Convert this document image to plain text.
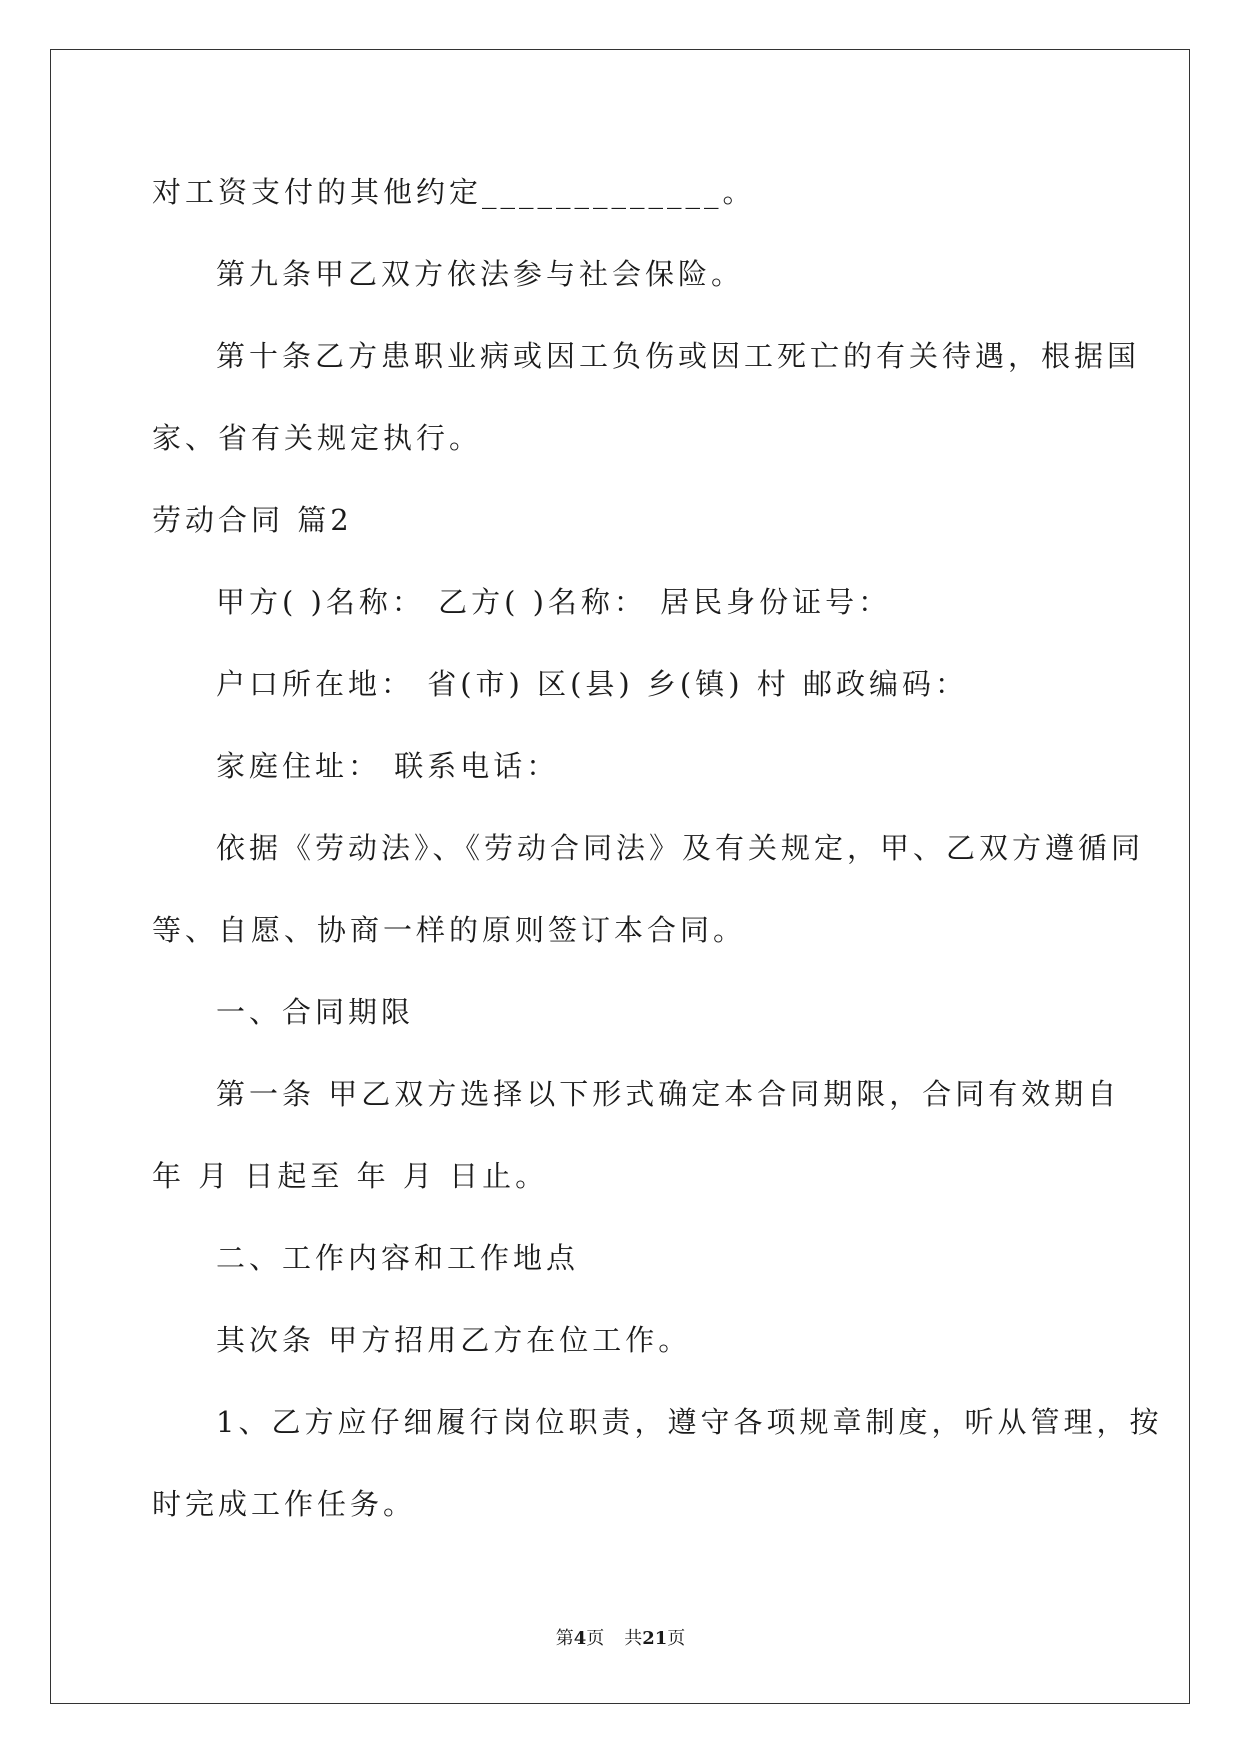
对工资支付的其他约定_____________。
第九条甲乙双方依法参与社会保险。
第十条乙方患职业病或因工负伤或因工死亡的有关待遇，根据国
家、省有关规定执行。
劳动合同 篇2
甲方( )名称： 乙方( )名称： 居民身份证号：
户口所在地： 省(市) 区(县) 乡(镇) 村 邮政编码：
家庭住址： 联系电话：
依据《劳动法》、《劳动合同法》及有关规定，甲、乙双方遵循同
等、自愿、协商一样的原则签订本合同。
一、合同期限
第一条 甲乙双方选择以下形式确定本合同期限，合同有效期自
年 月 日起至 年 月 日止。
二、工作内容和工作地点
其次条 甲方招用乙方在位工作。
1、乙方应仔细履行岗位职责，遵守各项规章制度，听从管理，按
时完成工作任务。
第4页 共21页
